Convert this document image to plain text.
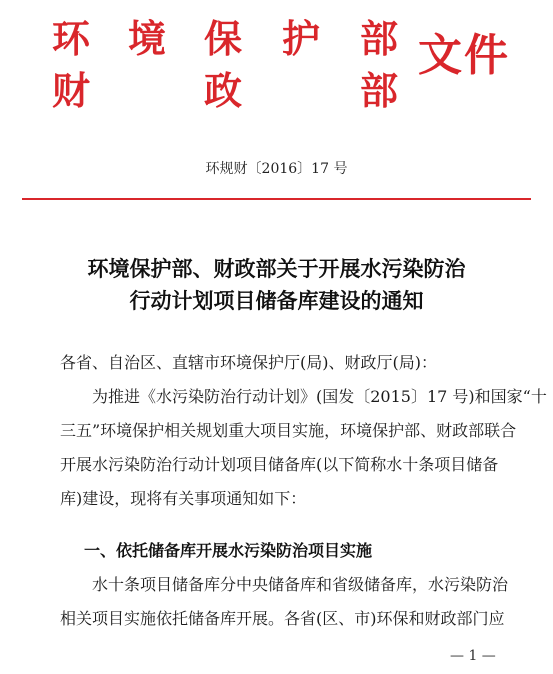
环 境 保 护 部
财	政	部
文件
环规财〔2016〕17 号
环境保护部、财政部关于开展水污染防治
行动计划项目储备库建设的通知
各省、自治区、直辖市环境保护厅(局)、财政厅(局)：
为推进《水污染防治行动计划》(国发〔2015〕17 号)和国家“十
三五”环境保护相关规划重大项目实施，环境保护部、财政部联合
开展水污染防治行动计划项目储备库(以下简称水十条项目储备
库)建设，现将有关事项通知如下：
一、依托储备库开展水污染防治项目实施
水十条项目储备库分中央储备库和省级储备库，水污染防治
相关项目实施依托储备库开展。各省(区、市)环保和财政部门应
— 1 —
